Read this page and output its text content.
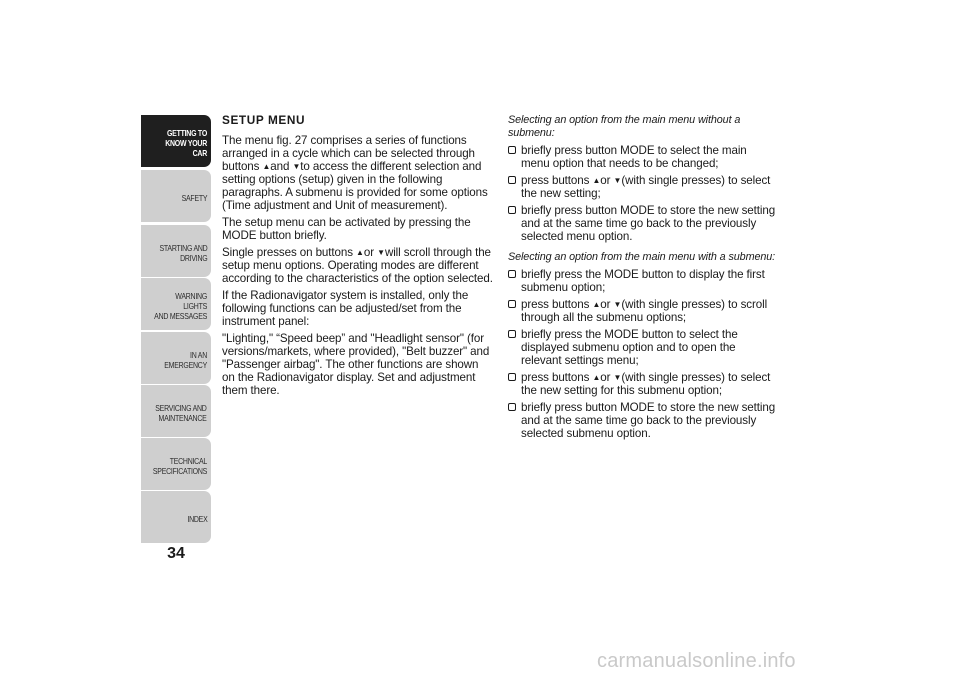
GETTING TO
KNOW YOUR CAR
SAFETY
STARTING AND
DRIVING
WARNING LIGHTS
AND MESSAGES
IN AN EMERGENCY
SERVICING AND
MAINTENANCE
TECHNICAL
SPECIFICATIONS
INDEX
34
SETUP MENU

The menu fig. 27 comprises a series of functions arranged in a cycle which can be selected through buttons ▲and ▼to access the different selection and setting options (setup) given in the following paragraphs. A submenu is provided for some options (Time adjustment and Unit of measurement).

The setup menu can be activated by pressing the MODE button briefly.

Single presses on buttons ▲or ▼will scroll through the setup menu options. Operating modes are different according to the characteristics of the option selected.

If the Radionavigator system is installed, only the following functions can be adjusted/set from the instrument panel:

"Lighting," “Speed beep” and "Headlight sensor" (for versions/markets, where provided), "Belt buzzer" and "Passenger airbag". The other functions are shown on the Radionavigator display. Set and adjustment them there.

Selecting an option from the main menu without a submenu:

briefly press button MODE to select the main menu option that needs to be changed;
press buttons ▲or ▼(with single presses) to select the new setting;
briefly press button MODE to store the new setting and at the same time go back to the previously selected menu option.

Selecting an option from the main menu with a submenu:

briefly press the MODE button to display the first submenu option;
press buttons ▲or ▼(with single presses) to scroll through all the submenu options;
briefly press the MODE button to select the displayed submenu option and to open the relevant settings menu;
press buttons ▲or ▼(with single presses) to select the new setting for this submenu option;
briefly press button MODE to store the new setting and at the same time go back to the previously selected submenu option.
carmanualsonline.info
